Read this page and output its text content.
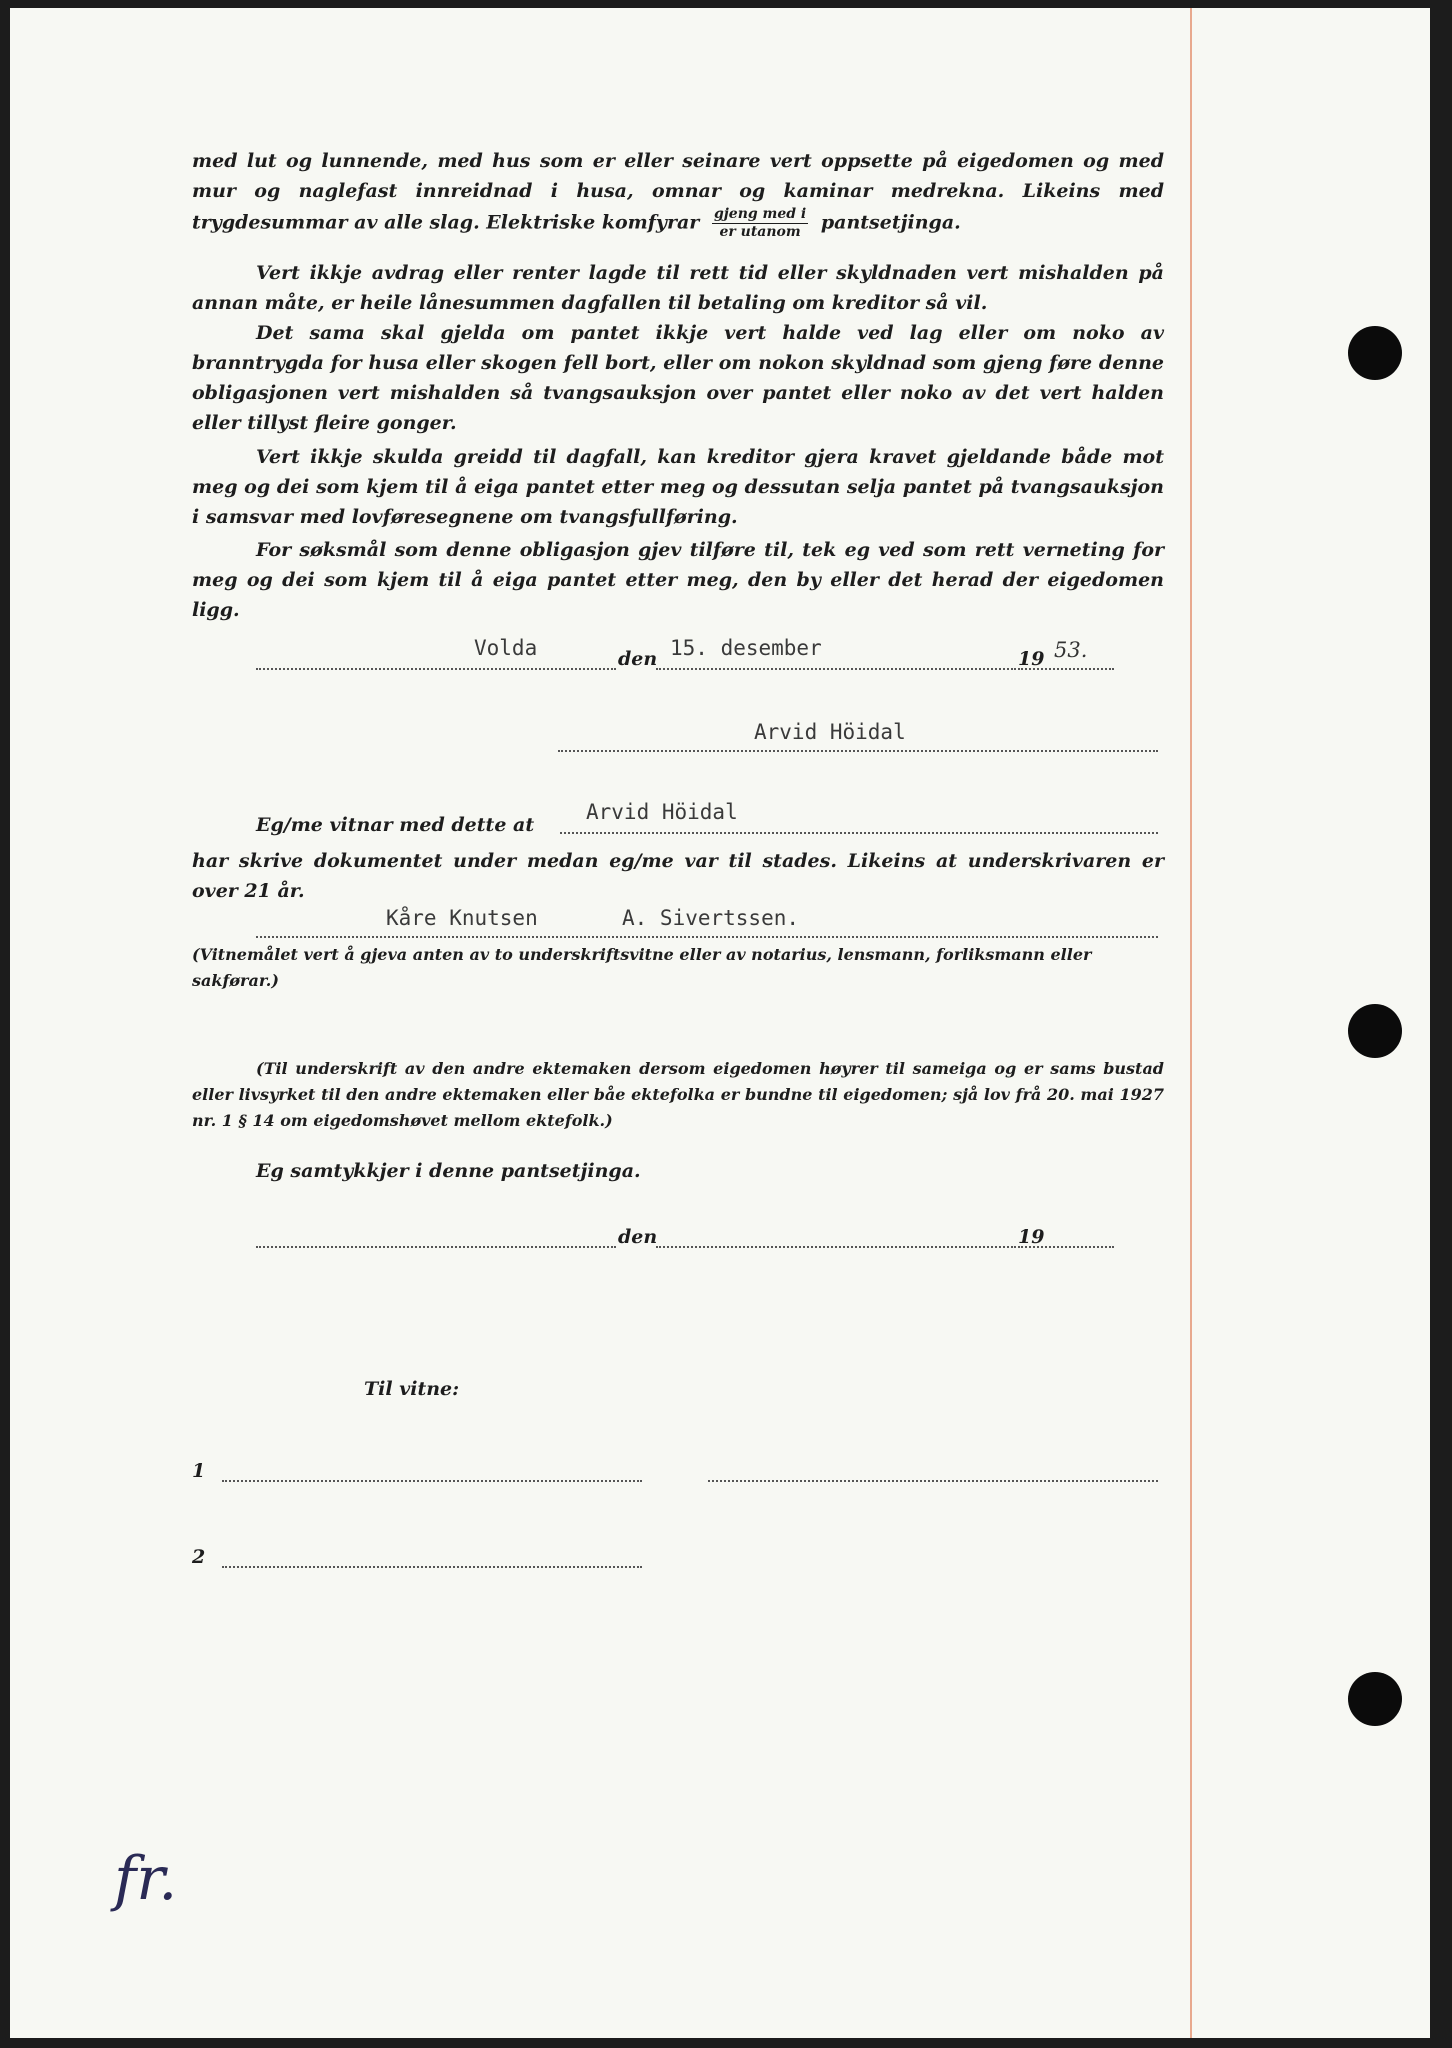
med lut og lunnende, med hus som er eller seinare vert oppsette på eigedomen og med mur og naglefast innreidnad i husa, omnar og kaminar medrekna. Likeins med trygdesummar av alle slag. Elektriske komfyrar $\frac{\text{gjeng med i}}{\text{er utanom}}$ pantsetjinga.
Vert ikkje avdrag eller renter lagde til rett tid eller skyldnaden vert mishalden på annan måte, er heile lånesummen dagfallen til betaling om kreditor så vil.
Det sama skal gjelda om pantet ikkje vert halde ved lag eller om noko av branntrygda for husa eller skogen fell bort, eller om nokon skyldnad som gjeng føre denne obligasjonen vert mishalden så tvangsauksjon over pantet eller noko av det vert halden eller tillyst fleire gonger.
Vert ikkje skulda greidd til dagfall, kan kreditor gjera kravet gjeldande både mot meg og dei som kjem til å eiga pantet etter meg og dessutan selja pantet på tvangsauksjon i samsvar med lovføresegnene om tvangsfullføring.
For søksmål som denne obligasjon gjev tilføre til, tek eg ved som rett verneting for meg og dei som kjem til å eiga pantet etter meg, den by eller det herad der eigedomen ligg.
Volda	den 15. desember	19 53.
Arvid Höidal
Eg/me vitnar med dette at
Arvid Höidal
har skrive dokumentet under medan eg/me var til stades. Likeins at underskrivaren er over 21 år.
Kåre Knutsen	A. Sivertssen.
(Vitnemålet vert å gjeva anten av to underskriftsvitne eller av notarius, lensmann, forliksmann eller sakførar.)
(Til underskrift av den andre ektemaken dersom eigedomen høyrer til sameiga og er sams bustad eller livsyrket til den andre ektemaken eller båe ektefolka er bundne til eigedomen; sjå lov frå 20. mai 1927 nr. 1 § 14 om eigedomshøvet mellom ektefolk.)
Eg samtykkjer i denne pantsetjinga.
den	19
Til vitne:
1
2
fr.
